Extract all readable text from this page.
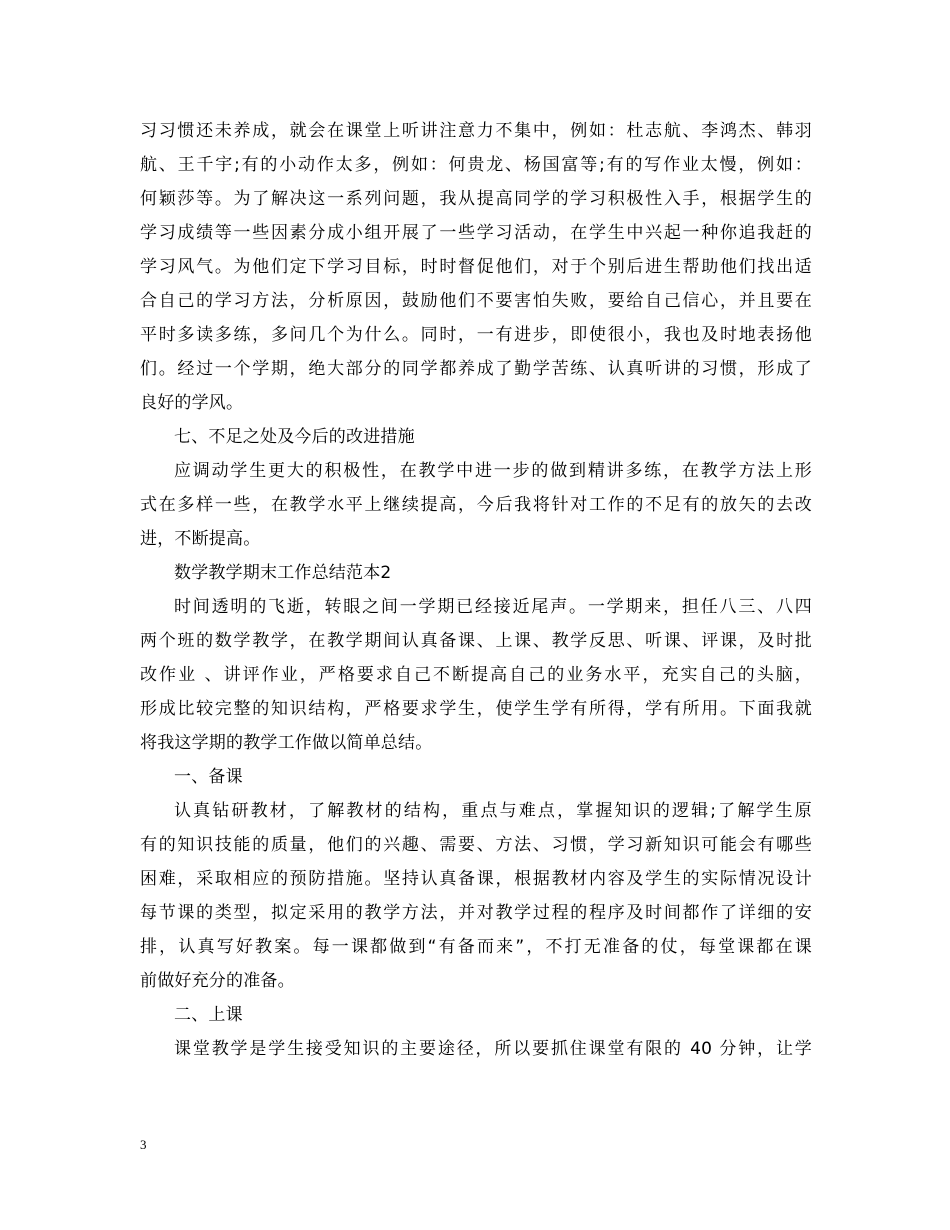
习习惯还未养成，就会在课堂上听讲注意力不集中，例如：杜志航、李鸿杰、韩羽
航、王千宇;有的小动作太多，例如：何贵龙、杨国富等;有的写作业太慢，例如：
何颖莎等。为了解决这一系列问题，我从提高同学的学习积极性入手，根据学生的
学习成绩等一些因素分成小组开展了一些学习活动，在学生中兴起一种你追我赶的
学习风气。为他们定下学习目标，时时督促他们，对于个别后进生帮助他们找出适
合自己的学习方法，分析原因，鼓励他们不要害怕失败，要给自己信心，并且要在
平时多读多练，多问几个为什么。同时，一有进步，即使很小，我也及时地表扬他
们。经过一个学期，绝大部分的同学都养成了勤学苦练、认真听讲的习惯，形成了
良好的学风。
七、不足之处及今后的改进措施
应调动学生更大的积极性，在教学中进一步的做到精讲多练，在教学方法上形
式在多样一些，在教学水平上继续提高，今后我将针对工作的不足有的放矢的去改
进，不断提高。
数学教学期末工作总结范本2
时间透明的飞逝，转眼之间一学期已经接近尾声。一学期来，担任八三、八四
两个班的数学教学，在教学期间认真备课、上课、教学反思、听课、评课，及时批
改作业 、讲评作业，严格要求自己不断提高自己的业务水平，充实自己的头脑，
形成比较完整的知识结构，严格要求学生，使学生学有所得，学有所用。下面我就
将我这学期的教学工作做以简单总结。
一、备课
认真钻研教材，了解教材的结构，重点与难点，掌握知识的逻辑;了解学生原
有的知识技能的质量，他们的兴趣、需要、方法、习惯，学习新知识可能会有哪些
困难，采取相应的预防措施。坚持认真备课，根据教材内容及学生的实际情况设计
每节课的类型，拟定采用的教学方法，并对教学过程的程序及时间都作了详细的安
排，认真写好教案。每一课都做到“有备而来”，不打无准备的仗，每堂课都在课
前做好充分的准备。
二、上课
课堂教学是学生接受知识的主要途径，所以要抓住课堂有限的 40 分钟，让学
3
